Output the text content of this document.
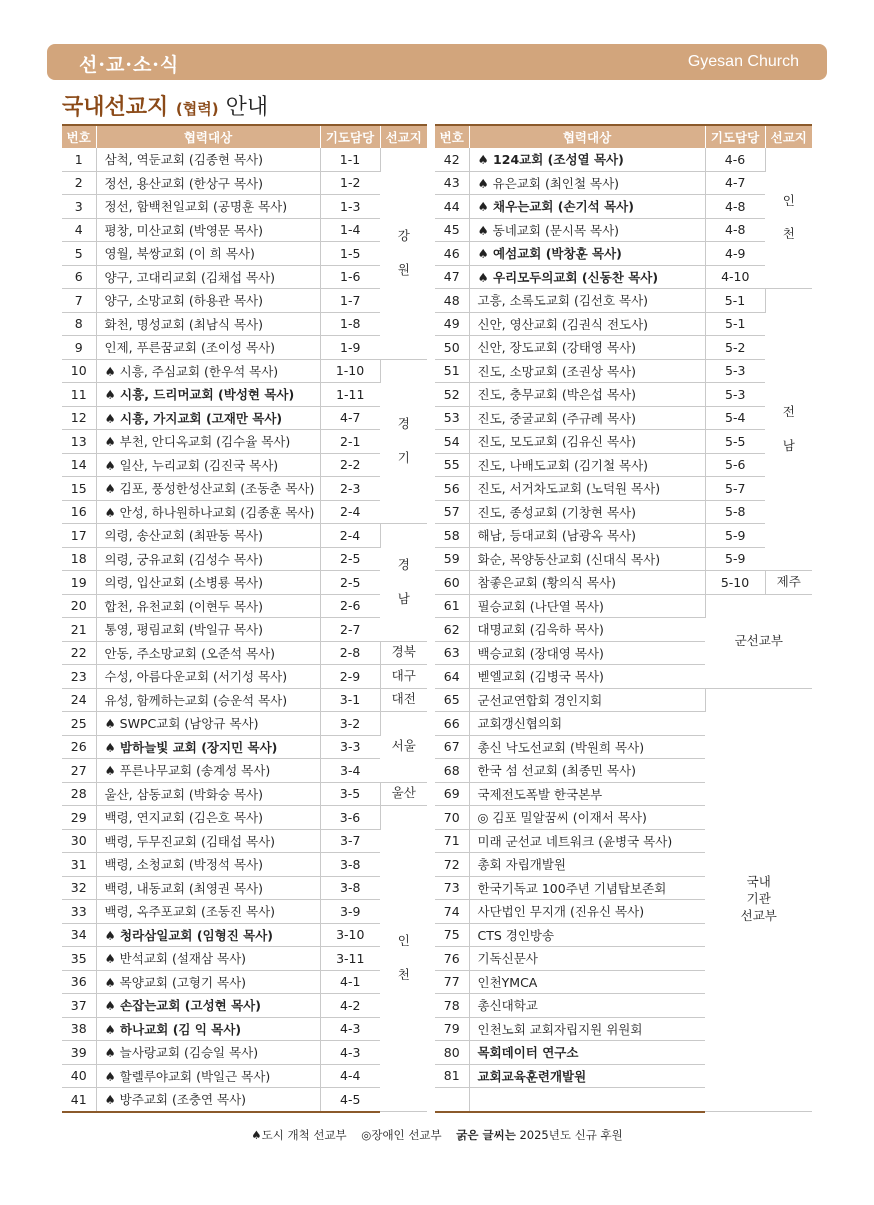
선·교·소·식	Gyesan Church
국내선교지 (협력) 안내
번호	협력대상	기도담당	선교지
1	삼척, 역둔교회 (김종현 목사)	1-1	강

원
2	정선, 용산교회 (한상구 목사)	1-2	
3	정선, 함백천일교회 (공명훈 목사)	1-3	
4	평창, 미산교회 (박영문 목사)	1-4	
5	영월, 북쌍교회 (이 희 목사)	1-5	
6	양구, 고대리교회 (김채섭 목사)	1-6	
7	양구, 소망교회 (하용관 목사)	1-7	
8	화천, 명성교회 (최남식 목사)	1-8	
9	인제, 푸른꿈교회 (조이성 목사)	1-9	
10	♠ 시흥, 주심교회 (한우석 목사)	1-10	경

기
11	♠ 시흥, 드리머교회 (박성현 목사)	1-11	
12	♠ 시흥, 가지교회 (고재만 목사)	4-7	
13	♠ 부천, 안디옥교회 (김수율 목사)	2-1	
14	♠ 일산, 누리교회 (김진국 목사)	2-2	
15	♠ 김포, 풍성한성산교회 (조동춘 목사)	2-3	
16	♠ 안성, 하나원하나교회 (김종훈 목사)	2-4	
17	의령, 송산교회 (최판동 목사)	2-4	경

남
18	의령, 궁유교회 (김성수 목사)	2-5	
19	의령, 입산교회 (소병룡 목사)	2-5	
20	합천, 유천교회 (이현두 목사)	2-6	
21	통영, 평림교회 (박일규 목사)	2-7	
22	안동, 주소망교회 (오준석 목사)	2-8	경북
23	수성, 아름다운교회 (서기성 목사)	2-9	대구
24	유성, 함께하는교회 (승운석 목사)	3-1	대전
25	♠ SWPC교회 (남앙규 목사)	3-2	서울
26	♠ 밤하늘빛 교회 (장지민 목사)	3-3	
27	♠ 푸른나무교회 (송계성 목사)	3-4	
28	울산, 삼동교회 (박화숭 목사)	3-5	울산
29	백령, 연지교회 (김은호 목사)	3-6	인

천
30	백령, 두무진교회 (김태섭 목사)	3-7	
31	백령, 소청교회 (박정석 목사)	3-8	
32	백령, 내동교회 (최영권 목사)	3-8	
33	백령, 옥주포교회 (조동진 목사)	3-9	
34	♠ 청라삼일교회 (임형진 목사)	3-10	
35	♠ 반석교회 (설재삼 목사)	3-11	
36	♠ 목양교회 (고형기 목사)	4-1	
37	♠ 손잡는교회 (고성현 목사)	4-2	
38	♠ 하나교회 (김 익 목사)	4-3	
39	♠ 늘사랑교회 (김승일 목사)	4-3	
40	♠ 할렐루야교회 (박일근 목사)	4-4	
41	♠ 방주교회 (조충연 목사)	4-5	
번호	협력대상	기도담당	선교지
42	♠ 124교회 (조성열 목사)	4-6	인

천
43	♠ 유은교회 (최인철 목사)	4-7	
44	♠ 채우는교회 (손기석 목사)	4-8	
45	♠ 동네교회 (문시목 목사)	4-8	
46	♠ 예섬교회 (박창훈 목사)	4-9	
47	♠ 우리모두의교회 (신동찬 목사)	4-10	
48	고흥, 소록도교회 (김선호 목사)	5-1	전

남
49	신안, 영산교회 (김권식 전도사)	5-1	
50	신안, 장도교회 (강태영 목사)	5-2	
51	진도, 소망교회 (조권상 목사)	5-3	
52	진도, 충무교회 (박은섭 목사)	5-3	
53	진도, 중굴교회 (주규례 목사)	5-4	
54	진도, 모도교회 (김유신 목사)	5-5	
55	진도, 나배도교회 (김기철 목사)	5-6	
56	진도, 서거차도교회 (노덕원 목사)	5-7	
57	진도, 종성교회 (기창현 목사)	5-8	
58	해남, 등대교회 (남광옥 목사)	5-9	
59	화순, 목양동산교회 (신대식 목사)	5-9	
60	참좋은교회 (황의식 목사)	5-10	제주
61	필승교회 (나단열 목사)	군선교부	
62	대명교회 (김욱하 목사)		
63	백승교회 (장대영 목사)		
64	벧엘교회 (김병국 목사)		
65	군선교연합회 경인지회	국내
기관
선교부	
66	교회갱신협의회		
67	총신 낙도선교회 (박원희 목사)		
68	한국 섬 선교회 (최종민 목사)		
69	국제전도폭발 한국본부		
70	◎ 김포 밀알꿈씨 (이재서 목사)		
71	미래 군선교 네트워크 (윤병국 목사)		
72	총회 자립개발원		
73	한국기독교 100주년 기념탑보존회		
74	사단법인 무지개 (진유신 목사)		
75	CTS 경인방송		
76	기독신문사		
77	인천YMCA		
78	총신대학교		
79	인천노회 교회자립지원 위원회		
80	목회데이터 연구소		
81	교회교육훈련개발원		

♠도시 개척 선교부 ◎장애인 선교부 굵은 글씨는 2025년도 신규 후원
